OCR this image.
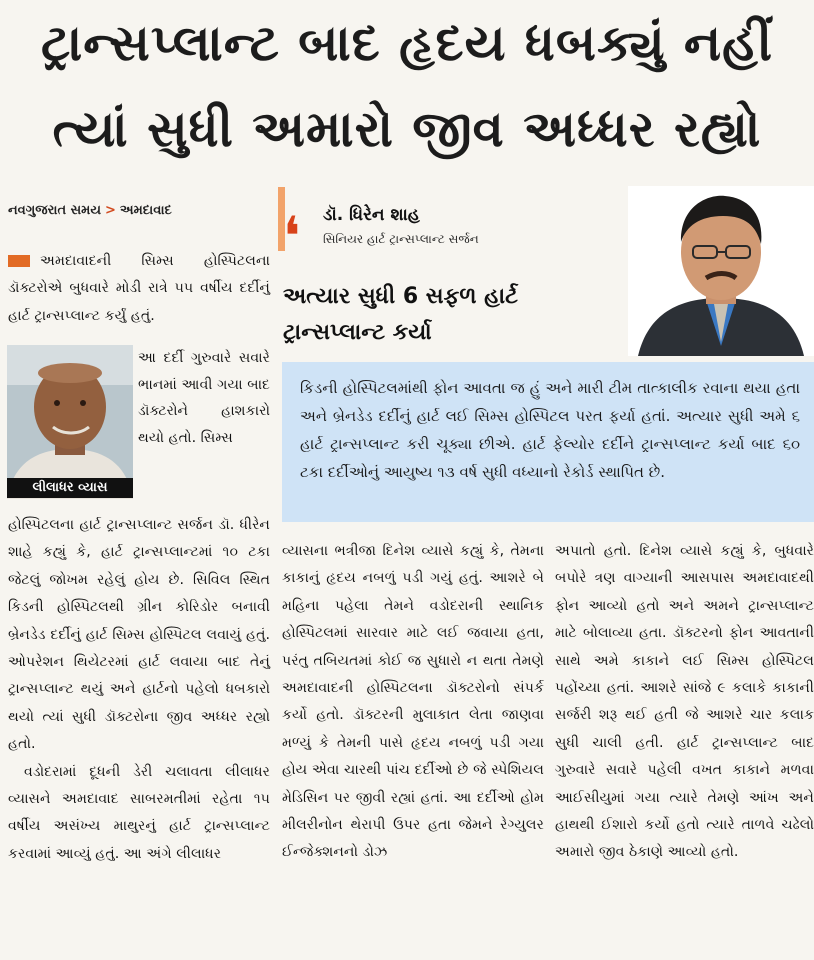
ટ્રાન્સપ્લાન્ટ બાદ હૃદય ધબક્યું નહીં
ત્યાં સુધી અમારો જીવ અધ્ધર રહ્યો
નવગુજરાત સમય > અમદાવાદ ❛ ડૉ. ધિરેન શાહ
સિનિયર હાર્ટ ટ્રાન્સપ્લાન્ટ સર્જન
અત્યાર સુધી 6 સફળ હાર્ટ ટ્રાન્સપ્લાન્ટ કર્યા

કિડની હોસ્પિટલમાંથી ફોન આવતા જ હું અને મારી ટીમ તાત્કાલીક રવાના થયા હતા અને બ્રેનડેડ દર્દીનું હાર્ટ લઈ સિમ્સ હોસ્પિટલ પરત ફર્યા હતાં. અત્યાર સુધી અમે ૬ હાર્ટ ટ્રાન્સપ્લાન્ટ કરી ચૂક્યા છીએ. હાર્ટ ફેલ્યોર દર્દીને ટ્રાન્સપ્લાન્ટ કર્યા બાદ ૬૦ ટકા દર્દીઓનું આયુષ્ય ૧૩ વર્ષ સુધી વધ્યાનો રેકોર્ડ સ્થાપિત છે.

અમદાવાદની સિમ્સ હોસ્પિટલના ડૉક્ટરોએ બુધવારે મોડી રાત્રે ૫૫ વર્ષીય દર્દીનું હાર્ટ ટ્રાન્સપ્લાન્ટ કર્યું હતું.

લીલાધર વ્યાસ

આ દર્દી ગુરુવારે સવારે ભાનમાં આવી ગયા બાદ ડૉક્ટરોને હાશકારો થયો હતો. સિમ્સ

હોસ્પિટલના હાર્ટ ટ્રાન્સપ્લાન્ટ સર્જન ડૉ. ધીરેન શાહે કહ્યું કે, હાર્ટ ટ્રાન્સપ્લાન્ટમાં ૧૦ ટકા જેટલું જોખમ રહેલું હોય છે. સિવિલ સ્થિત કિડની હોસ્પિટલથી ગ્રીન કોરિડોર બનાવી બ્રેનડેડ દર્દીનું હાર્ટ સિમ્સ હોસ્પિટલ લવાયું હતું. ઓપરેશન થિયેટરમાં હાર્ટ લવાયા બાદ તેનું ટ્રાન્સપ્લાન્ટ થયું અને હાર્ટનો પહેલો ધબકારો થયો ત્યાં સુધી ડૉક્ટરોના જીવ અધ્ધર રહ્યો હતો.

વડોદરામાં દૂધની ડેરી ચલાવતા લીલાધર વ્યાસને અમદાવાદ સાબરમતીમાં રહેતા ૧૫ વર્ષીય અસંખ્ય માથુરનું હાર્ટ ટ્રાન્સપ્લાન્ટ કરવામાં આવ્યું હતું. આ અંગે લીલાધર

વ્યાસના ભત્રીજા દિનેશ વ્યાસે કહ્યું કે, તેમના કાકાનું હૃદય નબળું પડી ગયું હતું. આશરે બે મહિના પહેલા તેમને વડોદરાની સ્થાનિક હોસ્પિટલમાં સારવાર માટે લઈ જવાયા હતા, પરંતુ તબિયતમાં કોઈ જ સુધારો ન થતા તેમણે અમદાવાદની હોસ્પિટલના ડૉક્ટરોનો સંપર્ક કર્યો હતો. ડૉક્ટરની મુલાકાત લેતા જાણવા મળ્યું કે તેમની પાસે હૃદય નબળું પડી ગયા હોય એવા ચારથી પાંચ દર્દીઓ છે જે સ્પેશિયલ મેડિસિન પર જીવી રહ્યાં હતાં. આ દર્દીઓ હોમ મીલરીનોન થેરાપી ઉપર હતા જેમને રેગ્યુલર ઈન્જેક્શનનો ડોઝ

અપાતો હતો. દિનેશ વ્યાસે કહ્યું કે, બુધવારે બપોરે ત્રણ વાગ્યાની આસપાસ અમદાવાદથી ફોન આવ્યો હતો અને અમને ટ્રાન્સપ્લાન્ટ માટે બોલાવ્યા હતા. ડૉક્ટરનો ફોન આવતાની સાથે અમે કાકાને લઈ સિમ્સ હોસ્પિટલ પહોંચ્યા હતાં. આશરે સાંજે ૯ કલાકે કાકાની સર્જરી શરૂ થઈ હતી જે આશરે ચાર કલાક સુધી ચાલી હતી. હાર્ટ ટ્રાન્સપ્લાન્ટ બાદ ગુરુવારે સવારે પહેલી વખત કાકાને મળવા આઈસીયુમાં ગયા ત્યારે તેમણે આંખ અને હાથથી ઈશારો કર્યો હતો ત્યારે તાળવે ચઢેલો અમારો જીવ ઠેકાણે આવ્યો હતો.
